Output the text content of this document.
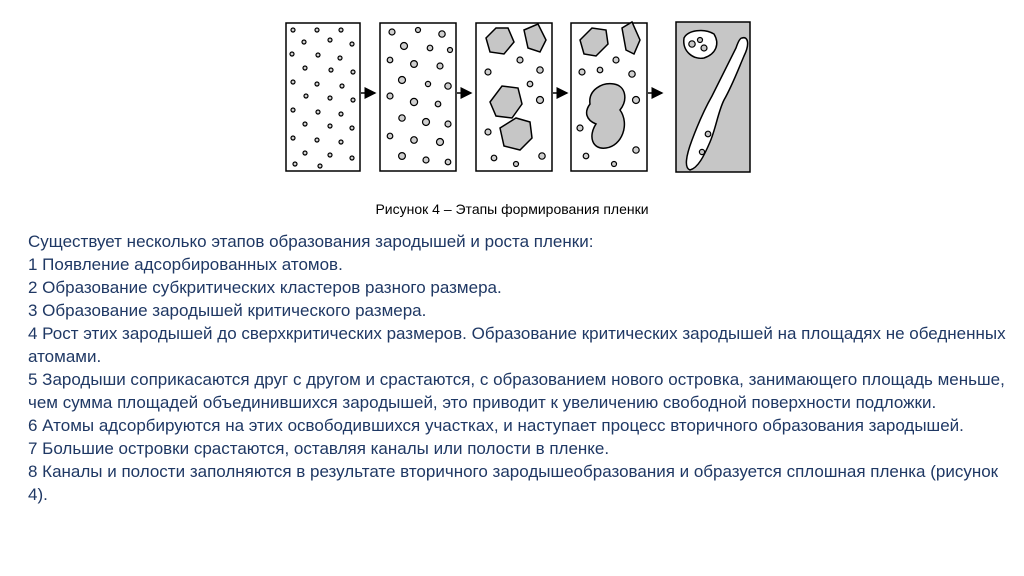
Рисунок 4 – Этапы формирования пленки

Существует несколько этапов образования зародышей и роста пленки:

1 Появление адсорбированных атомов.

2 Образование субкритических кластеров разного размера.

3 Образование зародышей критического размера.

4 Рост этих зародышей до сверхкритических размеров. Образование критических зародышей на площадях не обедненных атомами.

5 Зародыши соприкасаются друг с другом и срастаются, с образованием нового островка, занимающего площадь меньше, чем сумма площадей объединившихся зародышей, это приводит к увеличению свободной поверхности подложки.

6 Атомы адсорбируются на этих освободившихся участках, и наступает процесс вторичного образования зародышей.

7 Большие островки срастаются, оставляя каналы или полости в пленке.

8 Каналы и полости заполняются в результате вторичного зародышеобразования и образуется сплошная пленка (рисунок 4).
